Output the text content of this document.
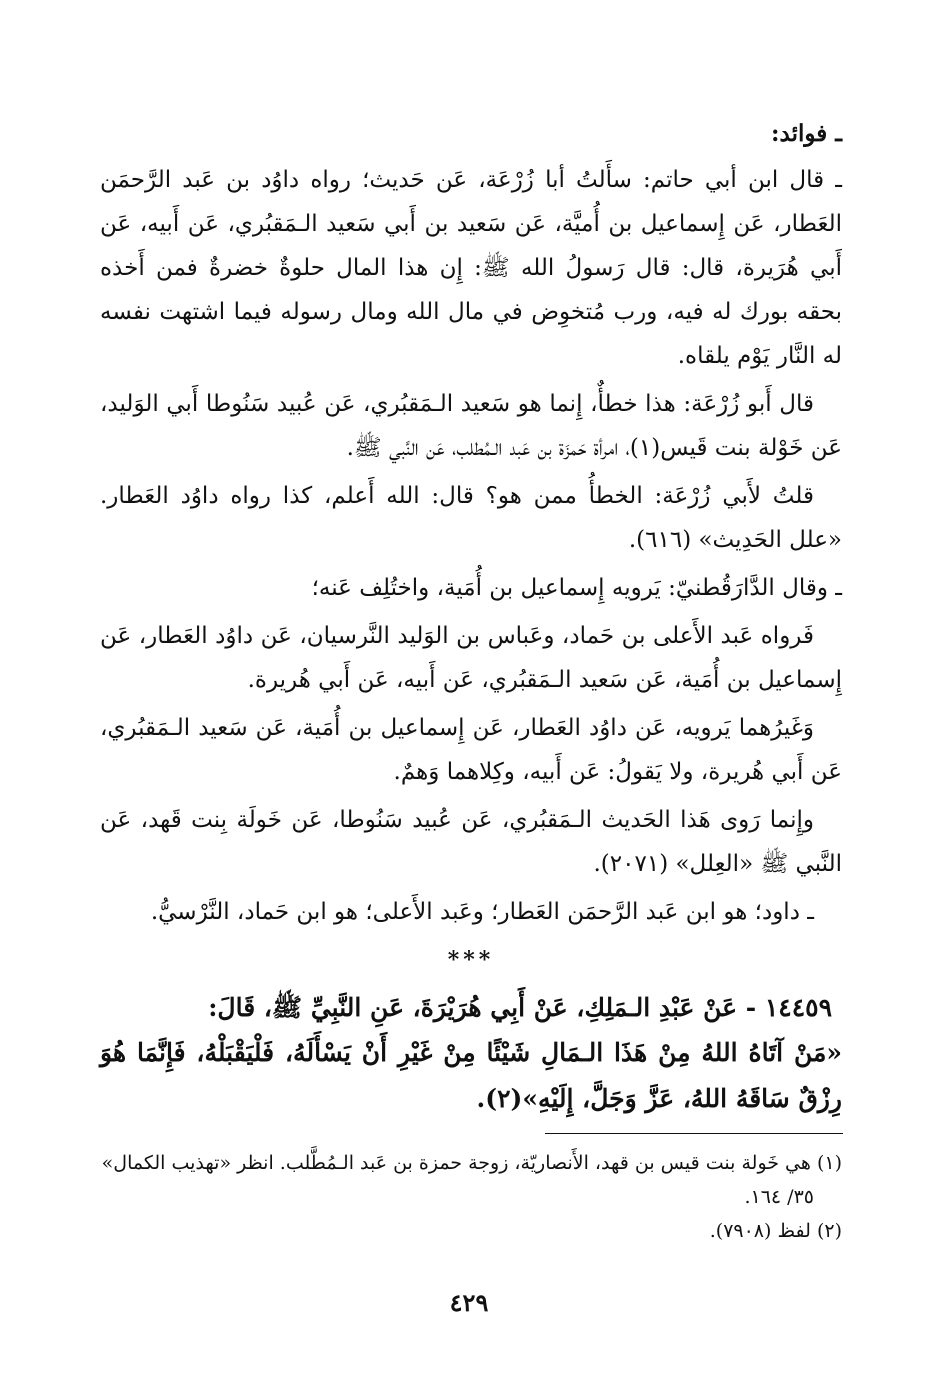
ـ فوائد:

ـ قال ابن أبي حاتم: سأَلتُ أبا زُرْعَة، عَن حَديث؛ رواه داوُد بن عَبد الرَّحمَن العَطار، عَن إِسماعيل بن أُميَّة، عَن سَعيد بن أَبي سَعيد الـمَقبُري، عَن أَبيه، عَن أَبي هُرَيرة، قال: قال رَسولُ الله ﷺ: إِن هذا المال حلوةٌ خضرةٌ فمن أَخذه بحقه بورك له فيه، ورب مُتخوِض في مال الله ومال رسوله فيما اشتهت نفسه له النَّار يَوْم يلقاه.

قال أَبو زُرْعَة: هذا خطأٌ، إِنما هو سَعيد الـمَقبُري، عَن عُبيد سَنُوطا أَبي الوَليد، عَن خَوْلة بنت قَيس(١)، امرأة حَمزَة بن عَبد الـمُطلب، عَن النَّبي ﷺ.

قلتُ لأَبي زُرْعَة: الخطأُ ممن هو؟ قال: الله أَعلم، كذا رواه داوُد العَطار. «علل الحَدِيث» (٦١٦).

ـ وقال الدَّارَقُطنيّ: يَرويه إِسماعيل بن أُمَية، واختُلِف عَنه؛

فَرواه عَبد الأَعلى بن حَماد، وعَباس بن الوَليد النَّرسيان، عَن داوُد العَطار، عَن إِسماعيل بن أُمَية، عَن سَعيد الـمَقبُري، عَن أَبيه، عَن أَبي هُريرة.

وَغَيرُهما يَرويه، عَن داوُد العَطار، عَن إِسماعيل بن أُمَية، عَن سَعيد الـمَقبُري، عَن أَبي هُريرة، ولا يَقولُ: عَن أَبيه، وكِلاهما وَهمٌ.

وإِنما رَوى هَذا الحَديث الـمَقبُري، عَن عُبيد سَنُوطا، عَن خَولَة بِنت قَهد، عَن النَّبي ﷺ «العِلل» (٢٠٧١).

ـ داود؛ هو ابن عَبد الرَّحمَن العَطار؛ وعَبد الأَعلى؛ هو ابن حَماد، النَّرْسيُّ.

***

١٤٤٥٩ - عَنْ عَبْدِ الـمَلِكِ، عَنْ أَبِي هُرَيْرَةَ، عَنِ النَّبِيِّ ﷺ، قَالَ:

«مَنْ آتَاهُ اللهُ مِنْ هَذَا الـمَالِ شَيْئًا مِنْ غَيْرِ أَنْ يَسْأَلَهُ، فَلْيَقْبَلْهُ، فَإِنَّمَا هُوَ رِزْقٌ سَاقَهُ اللهُ، عَزَّ وَجَلَّ، إِلَيْهِ»(٢).

(١) هي خَولة بنت قيس بن قهد، الأَنصاريّة، زوجة حمزة بن عَبد الـمُطَّلب. انظر «تهذيب الكمال»

٣٥/ ١٦٤.

(٢) لفظ (٧٩٠٨).

٤٢٩
